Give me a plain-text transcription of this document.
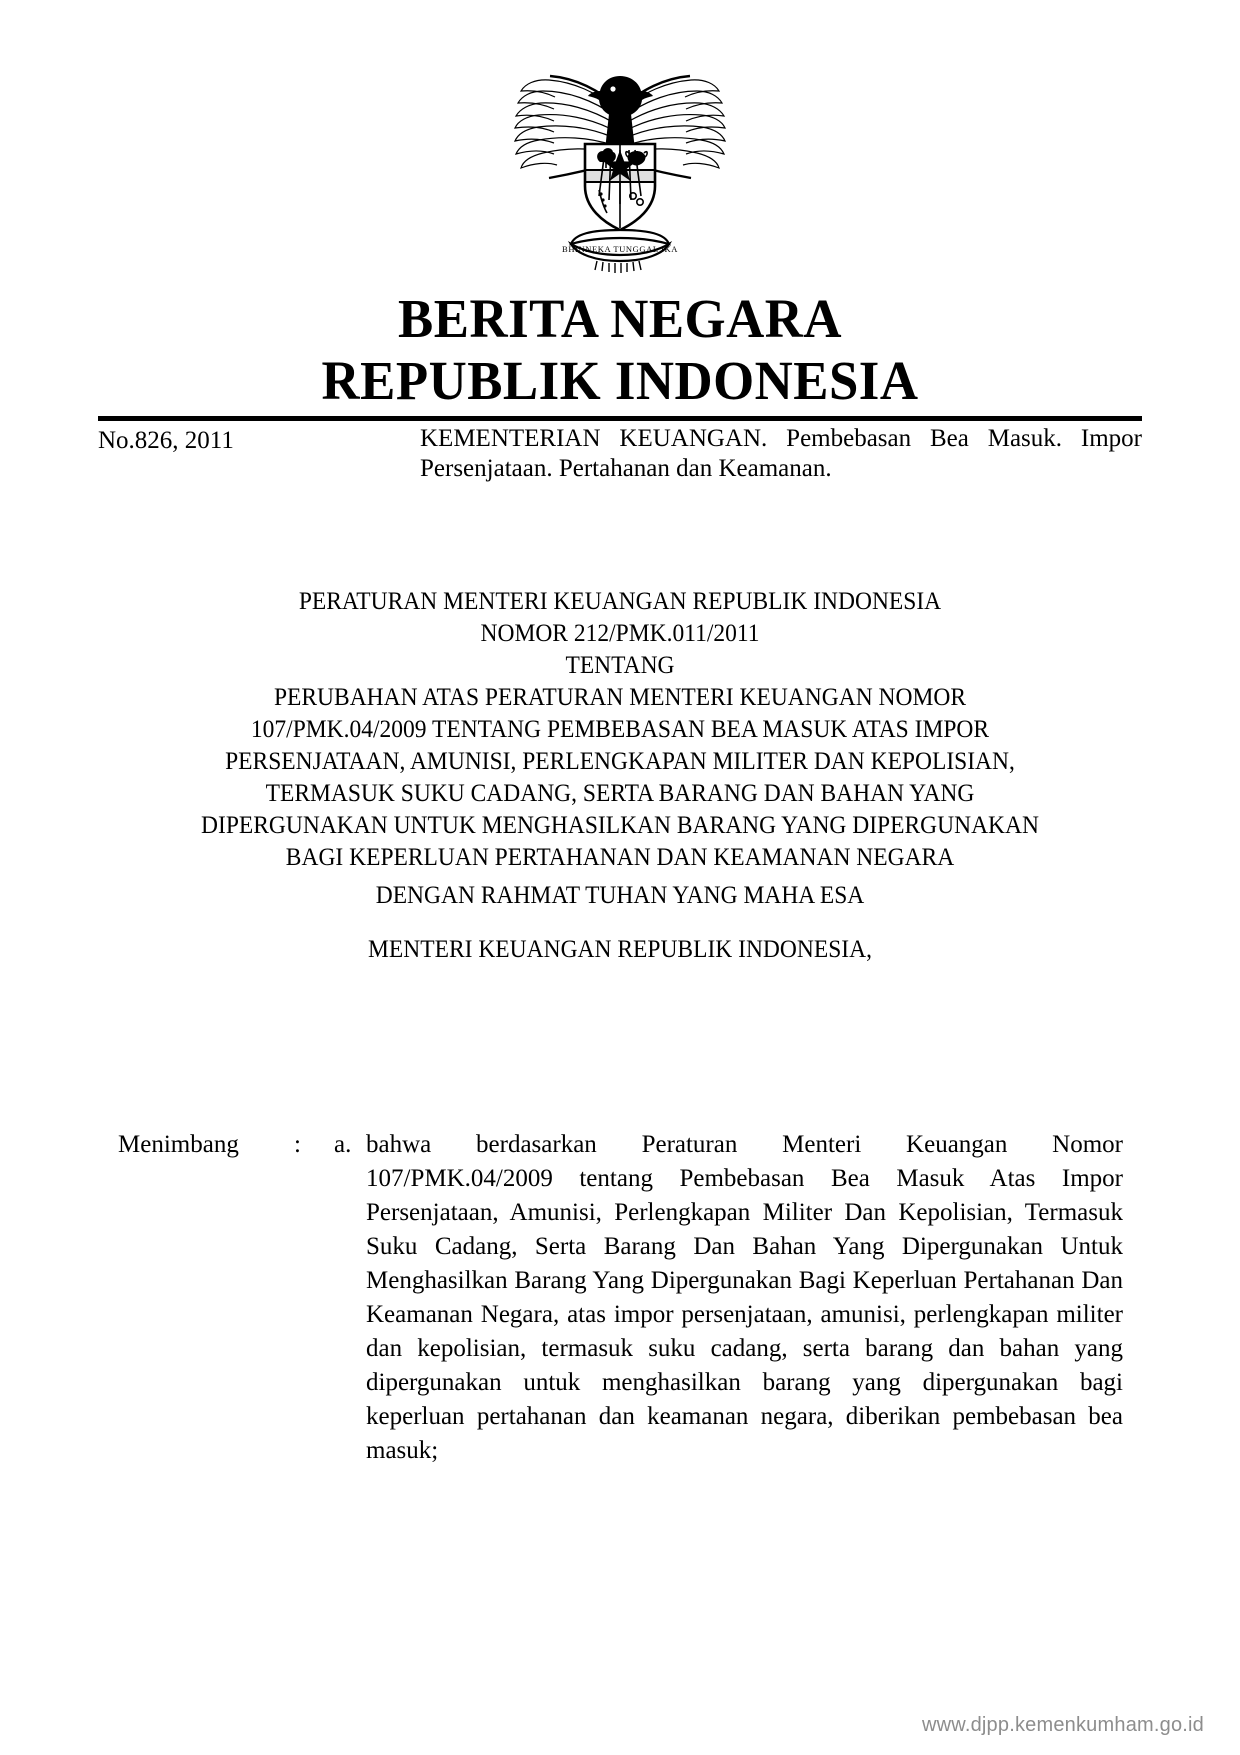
BHINNEKA TUNGGAL IKA
BERITA NEGARA
REPUBLIK INDONESIA
No.826, 2011	KEMENTERIAN KEUANGAN. Pembebasan Bea Masuk. Impor Persenjataan. Pertahanan dan Keamanan.
PERATURAN MENTERI KEUANGAN REPUBLIK INDONESIA
NOMOR 212/PMK.011/2011
TENTANG
PERUBAHAN ATAS PERATURAN MENTERI KEUANGAN NOMOR
107/PMK.04/2009 TENTANG PEMBEBASAN BEA MASUK ATAS IMPOR
PERSENJATAAN, AMUNISI, PERLENGKAPAN MILITER DAN KEPOLISIAN,
TERMASUK SUKU CADANG, SERTA BARANG DAN BAHAN YANG
DIPERGUNAKAN UNTUK MENGHASILKAN BARANG YANG DIPERGUNAKAN
BAGI KEPERLUAN PERTAHANAN DAN KEAMANAN NEGARA
DENGAN RAHMAT TUHAN YANG MAHA ESA
MENTERI KEUANGAN REPUBLIK INDONESIA,
Menimbang	:	a. bahwa berdasarkan Peraturan Menteri Keuangan Nomor 107/PMK.04/2009 tentang Pembebasan Bea Masuk Atas Impor Persenjataan, Amunisi, Perlengkapan Militer Dan Kepolisian, Termasuk Suku Cadang, Serta Barang Dan Bahan Yang Dipergunakan Untuk Menghasilkan Barang Yang Dipergunakan Bagi Keperluan Pertahanan Dan Keamanan Negara, atas impor persenjataan, amunisi, perlengkapan militer dan kepolisian, termasuk suku cadang, serta barang dan bahan yang dipergunakan untuk menghasilkan barang yang dipergunakan bagi keperluan pertahanan dan keamanan negara, diberikan pembebasan bea masuk;
www.djpp.kemenkumham.go.id
